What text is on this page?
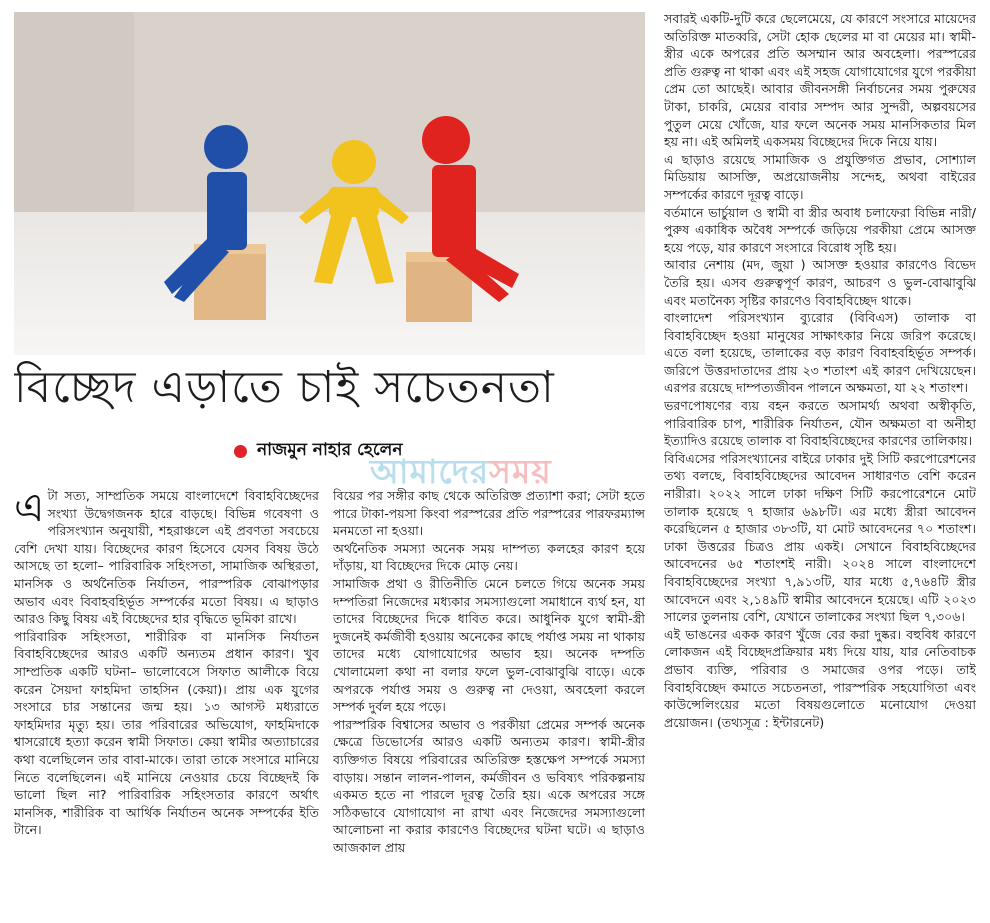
বিচ্ছেদ এড়াতে চাই সচেতনতা
নাজমুন নাহার হেলেন
আমাদেরসময়

এটা সত্য, সাম্প্রতিক সময়ে বাংলাদেশে বিবাহবিচ্ছেদের সংখ্যা উদ্বেগজনক হারে বাড়ছে। বিভিন্ন গবেষণা ও পরিসংখ্যান অনুযায়ী, শহরাঞ্চলে এই প্রবণতা সবচেয়ে বেশি দেখা যায়। বিচ্ছেদের কারণ হিসেবে যেসব বিষয় উঠে আসছে তা হলো– পারিবারিক সহিংসতা, সামাজিক অস্থিরতা, মানসিক ও অর্থনৈতিক নির্যাতন, পারস্পরিক বোঝাপড়ার অভাব এবং বিবাহবহির্ভূত সম্পর্কের মতো বিষয়। এ ছাড়াও আরও কিছু বিষয় এই বিচ্ছেদের হার বৃদ্ধিতে ভূমিকা রাখে।

পারিবারিক সহিংসতা, শারীরিক বা মানসিক নির্যাতন বিবাহবিচ্ছেদের আরও একটি অন্যতম প্রধান কারণ। খুব সাম্প্রতিক একটি ঘটনা– ভালোবেসে সিফাত আলীকে বিয়ে করেন সৈয়দা ফাহমিদা তাহসিন (কেয়া)। প্রায় এক যুগের সংসারে চার সন্তানের জন্ম হয়। ১৩ আগস্ট মধ্যরাতে ফাহমিদার মৃত্যু হয়। তার পরিবারের অভিযোগ, ফাহমিদাকে শ্বাসরোধে হত্যা করেন স্বামী সিফাত। কেয়া স্বামীর অত্যাচারের কথা বলেছিলেন তার বাবা-মাকে। তারা তাকে সংসারে মানিয়ে নিতে বলেছিলেন। এই মানিয়ে নেওয়ার চেয়ে বিচ্ছেদই কি ভালো ছিল না? পারিবারিক সহিংসতার কারণে অর্থাৎ মানসিক, শারীরিক বা আর্থিক নির্যাতন অনেক সম্পর্কের ইতি টানে।

বিয়ের পর সঙ্গীর কাছ থেকে অতিরিক্ত প্রত্যাশা করা; সেটা হতে পারে টাকা-পয়সা কিংবা পরস্পরের প্রতি পরস্পরের পারফরম্যান্স মনমতো না হওয়া।

অর্থনৈতিক সমস্যা অনেক সময় দাম্পত্য কলহের কারণ হয়ে দাঁড়ায়, যা বিচ্ছেদের দিকে মোড় নেয়।

সামাজিক প্রথা ও রীতিনীতি মেনে চলতে গিয়ে অনেক সময় দম্পতিরা নিজেদের মধ্যকার সমস্যাগুলো সমাধানে ব্যর্থ হন, যা তাদের বিচ্ছেদের দিকে ধাবিত করে। আধুনিক যুগে স্বামী-স্ত্রী দুজনেই কর্মজীবী হওয়ায় অনেকের কাছে পর্যাপ্ত সময় না থাকায় তাদের মধ্যে যোগাযোগের অভাব হয়। অনেক দম্পতি খোলামেলা কথা না বলার ফলে ভুল-বোঝাবুঝি বাড়ে। একে অপরকে পর্যাপ্ত সময় ও গুরুত্ব না দেওয়া, অবহেলা করলে সম্পর্ক দুর্বল হয়ে পড়ে।

পারস্পরিক বিশ্বাসের অভাব ও পরকীয়া প্রেমের সম্পর্ক অনেক ক্ষেত্রে ডিভোর্সের আরও একটি অন্যতম কারণ। স্বামী-স্ত্রীর ব্যক্তিগত বিষয়ে পরিবারের অতিরিক্ত হস্তক্ষেপ সম্পর্কে সমস্যা বাড়ায়। সন্তান লালন-পালন, কর্মজীবন ও ভবিষ্যৎ পরিকল্পনায় একমত হতে না পারলে দূরত্ব তৈরি হয়। একে অপরের সঙ্গে সঠিকভাবে যোগাযোগ না রাখা এবং নিজেদের সমস্যাগুলো আলোচনা না করার কারণেও বিচ্ছেদের ঘটনা ঘটে। এ ছাড়াও আজকাল প্রায়

সবারই একটি-দুটি করে ছেলেমেয়ে, যে কারণে সংসারে মায়েদের অতিরিক্ত মাতব্বরি, সেটা হোক ছেলের মা বা মেয়ের মা। স্বামী-স্ত্রীর একে অপরের প্রতি অসম্মান আর অবহেলা। পরস্পরের প্রতি গুরুত্ব না থাকা এবং এই সহজ যোগাযোগের যুগে পরকীয়া প্রেম তো আছেই। আবার জীবনসঙ্গী নির্বাচনের সময় পুরুষের টাকা, চাকরি, মেয়ের বাবার সম্পদ আর সুন্দরী, অল্পবয়সের পুতুল মেয়ে খোঁজে, যার ফলে অনেক সময় মানসিকতার মিল হয় না। এই অমিলই একসময় বিচ্ছেদের দিকে নিয়ে যায়।

এ ছাড়াও রয়েছে সামাজিক ও প্রযুক্তিগত প্রভাব, সোশ্যাল মিডিয়ায় আসক্তি, অপ্রয়োজনীয় সন্দেহ, অথবা বাইরের সম্পর্কের কারণে দূরত্ব বাড়ে।

বর্তমানে ভার্চুয়াল ও স্বামী বা স্ত্রীর অবাধ চলাফেরা বিভিন্ন নারী/পুরুষ একাধিক অবৈধ সম্পর্কে জড়িয়ে পরকীয়া প্রেমে আসক্ত হয়ে পড়ে, যার কারণে সংসারে বিরোধ সৃষ্টি হয়।

আবার নেশায় (মদ, জুয়া ) আসক্ত হওয়ার কারণেও বিভেদ তৈরি হয়। এসব গুরুত্বপূর্ণ কারণ, আচরণ ও ভুল-বোঝাবুঝি এবং মতানৈক্য সৃষ্টির কারণেও বিবাহবিচ্ছেদ থাকে।

বাংলাদেশ পরিসংখ্যান ব্যুরোর (বিবিএস) তালাক বা বিবাহবিচ্ছেদ হওয়া মানুষের সাক্ষাৎকার নিয়ে জরিপ করেছে। এতে বলা হয়েছে, তালাকের বড় কারণ বিবাহবহির্ভূত সম্পর্ক। জরিপে উত্তরদাতাদের প্রায় ২৩ শতাংশ এই কারণ দেখিয়েছেন। এরপর রয়েছে দাম্পত্যজীবন পালনে অক্ষমতা, যা ২২ শতাংশ।

ভরণপোষণের ব্যয় বহন করতে অসামর্থ্য অথবা অস্বীকৃতি, পারিবারিক চাপ, শারীরিক নির্যাতন, যৌন অক্ষমতা বা অনীহা ইত্যাদিও রয়েছে তালাক বা বিবাহবিচ্ছেদের কারণের তালিকায়।

বিবিএসের পরিসংখ্যানের বাইরে ঢাকার দুই সিটি করপোরেশনের তথ্য বলছে, বিবাহবিচ্ছেদের আবেদন সাধারণত বেশি করেন নারীরা। ২০২২ সালে ঢাকা দক্ষিণ সিটি করপোরেশনে মোট তালাক হয়েছে ৭ হাজার ৬৯৮টি। এর মধ্যে স্ত্রীরা আবেদন করেছিলেন ৫ হাজার ৩৮৩টি, যা মোট আবেদনের ৭০ শতাংশ। ঢাকা উত্তরের চিত্রও প্রায় একই। সেখানে বিবাহবিচ্ছেদের আবেদনের ৬৫ শতাংশই নারী। ২০২৪ সালে বাংলাদেশে বিবাহবিচ্ছেদের সংখ্যা ৭,৯১৩টি, যার মধ্যে ৫,৭৬৪টি স্ত্রীর আবেদনে এবং ২,১৪৯টি স্বামীর আবেদনে হয়েছে। এটি ২০২৩ সালের তুলনায় বেশি, যেখানে তালাকের সংখ্যা ছিল ৭,৩০৬।

এই ভাঙনের একক কারণ খুঁজে বের করা দুষ্কর। বহুবিধ কারণে লোকজন এই বিচ্ছেদপ্রক্রিয়ার মধ্য দিয়ে যায়, যার নেতিবাচক প্রভাব ব্যক্তি, পরিবার ও সমাজের ওপর পড়ে। তাই বিবাহবিচ্ছেদ কমাতে সচেতনতা, পারস্পরিক সহযোগিতা এবং কাউন্সেলিংয়ের মতো বিষয়গুলোতে মনোযোগ দেওয়া প্রয়োজন। (তথ্যসূত্র : ইন্টারনেট)
